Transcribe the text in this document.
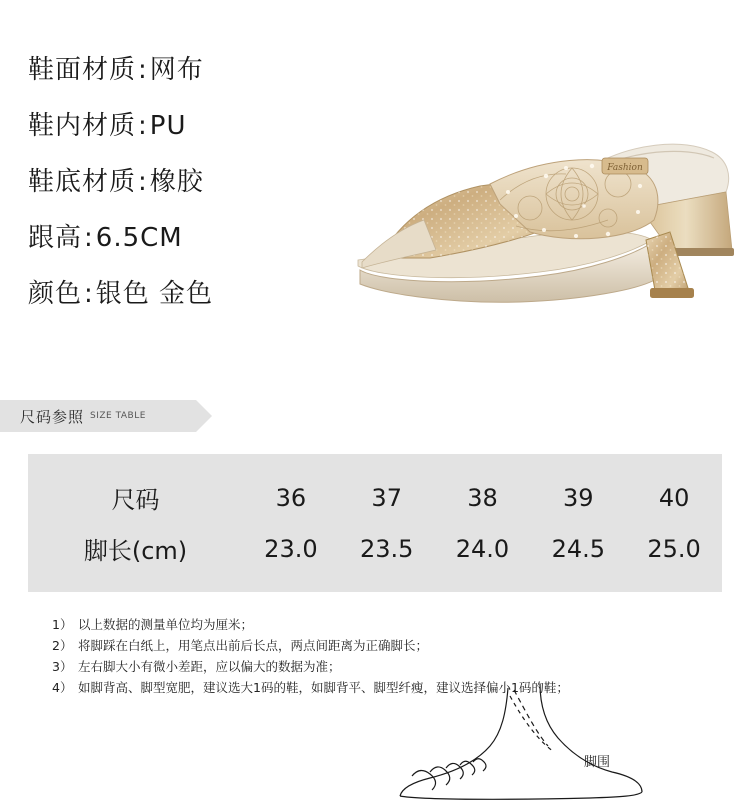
鞋面材质:网布
鞋内材质:PU
鞋底材质:橡胶
跟高:6.5CM
颜色:银色 金色
Fashion
尺码参照 SIZE TABLE
尺码	36	37	38	39	40
脚长(cm)	23.0	23.5	24.0	24.5	25.0
1） 以上数据的测量单位均为厘米；
2） 将脚踩在白纸上，用笔点出前后长点，两点间距离为正确脚长；
3） 左右脚大小有微小差距，应以偏大的数据为准；
4） 如脚背高、脚型宽肥，建议选大1码的鞋，如脚背平、脚型纤瘦，建议选择偏小1码的鞋；
脚围
